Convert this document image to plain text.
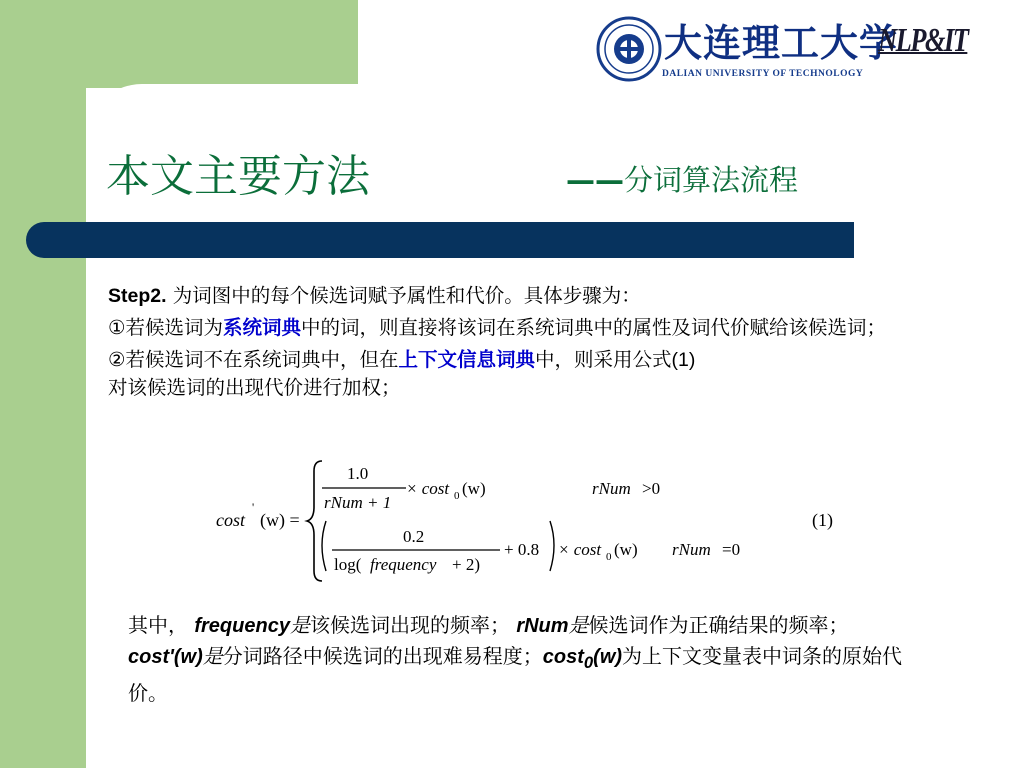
大连理工大学
DALIAN UNIVERSITY OF TECHNOLOGY
NLP&IT
本文主要方法	——分词算法流程

Step2. 为词图中的每个候选词赋予属性和代价。具体步骤为：

①若候选词为系统词典中的词，则直接将该词在系统词典中的属性及词代价赋给该候选词；

②若候选词不在系统词典中，但在上下文信息词典中，则采用公式(1)
对该候选词的出现代价进行加权；

cost
'
(w) =
1.0
rNum + 1
× cost 0 (w)	rNum >0
0.2
log( frequency + 2)
+ 0.8 × cost 0 (w) rNum =0
(1)
其中， frequency是该候选词出现的频率； rNum是候选词作为正确结果的频率； cost'(w)是分词路径中候选词的出现难易程度；cost$_0$(w)为上下文变量表中词条的原始代价。
